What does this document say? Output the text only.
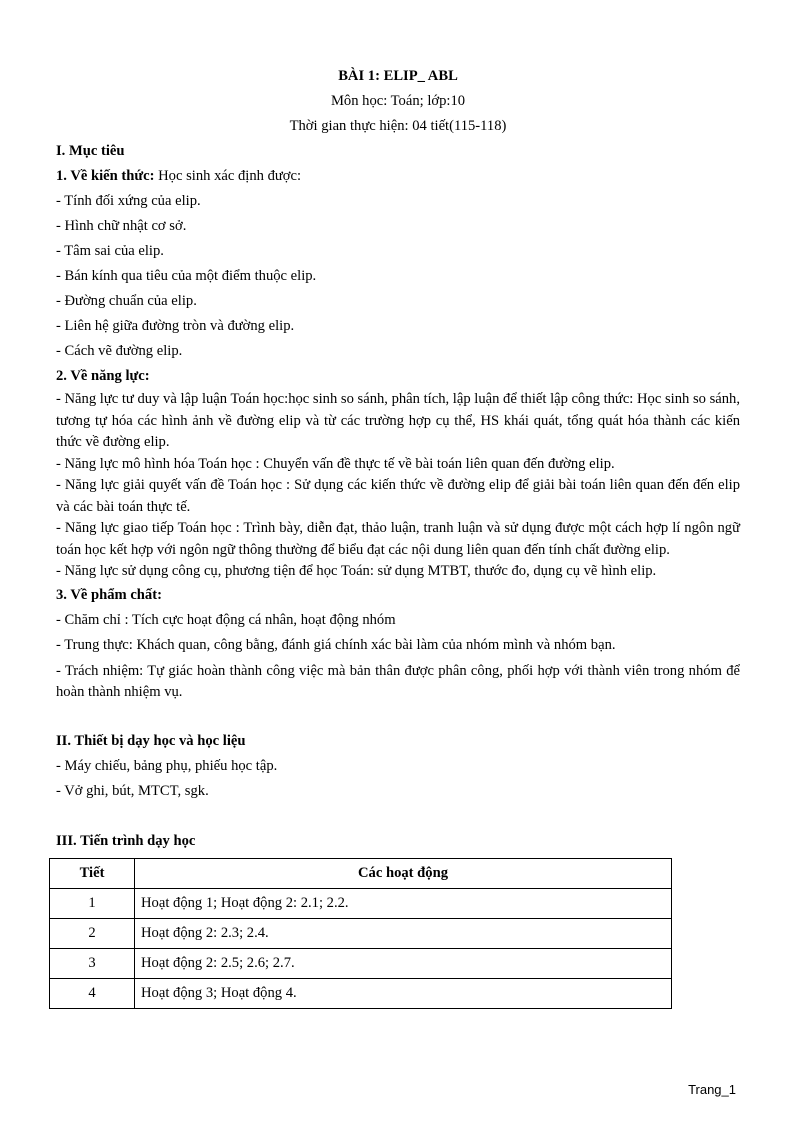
BÀI 1: ELIP_ ABL
Môn học: Toán; lớp:10
Thời gian thực hiện: 04 tiết(115-118)
I. Mục tiêu
1. Về kiến thức: Học sinh xác định được:
- Tính đối xứng của elip.
- Hình chữ nhật cơ sở.
- Tâm sai của elip.
- Bán kính qua tiêu của một điểm thuộc elip.
- Đường chuẩn của elip.
- Liên hệ giữa đường tròn và đường elip.
- Cách vẽ đường elip.
2. Về năng lực:
- Năng lực tư duy và lập luận Toán học:học sinh so sánh, phân tích, lập luận để thiết lập công thức: Học sinh so sánh, tương tự hóa các hình ảnh về đường elip và từ các trường hợp cụ thể, HS khái quát, tổng quát hóa thành các kiến thức về đường elip.
- Năng lực mô hình hóa Toán học : Chuyển vấn đề thực tế về bài toán liên quan đến đường elip.
- Năng lực giải quyết vấn đề Toán học : Sử dụng các kiến thức về đường elip để giải bài toán liên quan đến đến elip và các bài toán thực tế.
- Năng lực giao tiếp Toán học : Trình bày, diễn đạt, thảo luận, tranh luận và sử dụng được một cách hợp lí ngôn ngữ toán học kết hợp với ngôn ngữ thông thường để biểu đạt các nội dung liên quan đến tính chất đường elip.
- Năng lực sử dụng công cụ, phương tiện để học Toán: sử dụng MTBT, thước đo, dụng cụ vẽ hình elip.
3. Về phẩm chất:
- Chăm chỉ : Tích cực hoạt động cá nhân, hoạt động nhóm
- Trung thực: Khách quan, công bằng, đánh giá chính xác bài làm của nhóm mình và nhóm bạn.
- Trách nhiệm: Tự giác hoàn thành công việc mà bản thân được phân công, phối hợp với thành viên trong nhóm để hoàn thành nhiệm vụ.
II. Thiết bị dạy học và học liệu
- Máy chiếu, bảng phụ, phiếu học tập.
- Vở ghi, bút, MTCT, sgk.
III. Tiến trình dạy học
Tiết	Các hoạt động
1	Hoạt động 1; Hoạt động 2: 2.1; 2.2.
2	Hoạt động 2: 2.3; 2.4.
3	Hoạt động 2: 2.5; 2.6; 2.7.
4	Hoạt động 3; Hoạt động 4.
Trang_1
